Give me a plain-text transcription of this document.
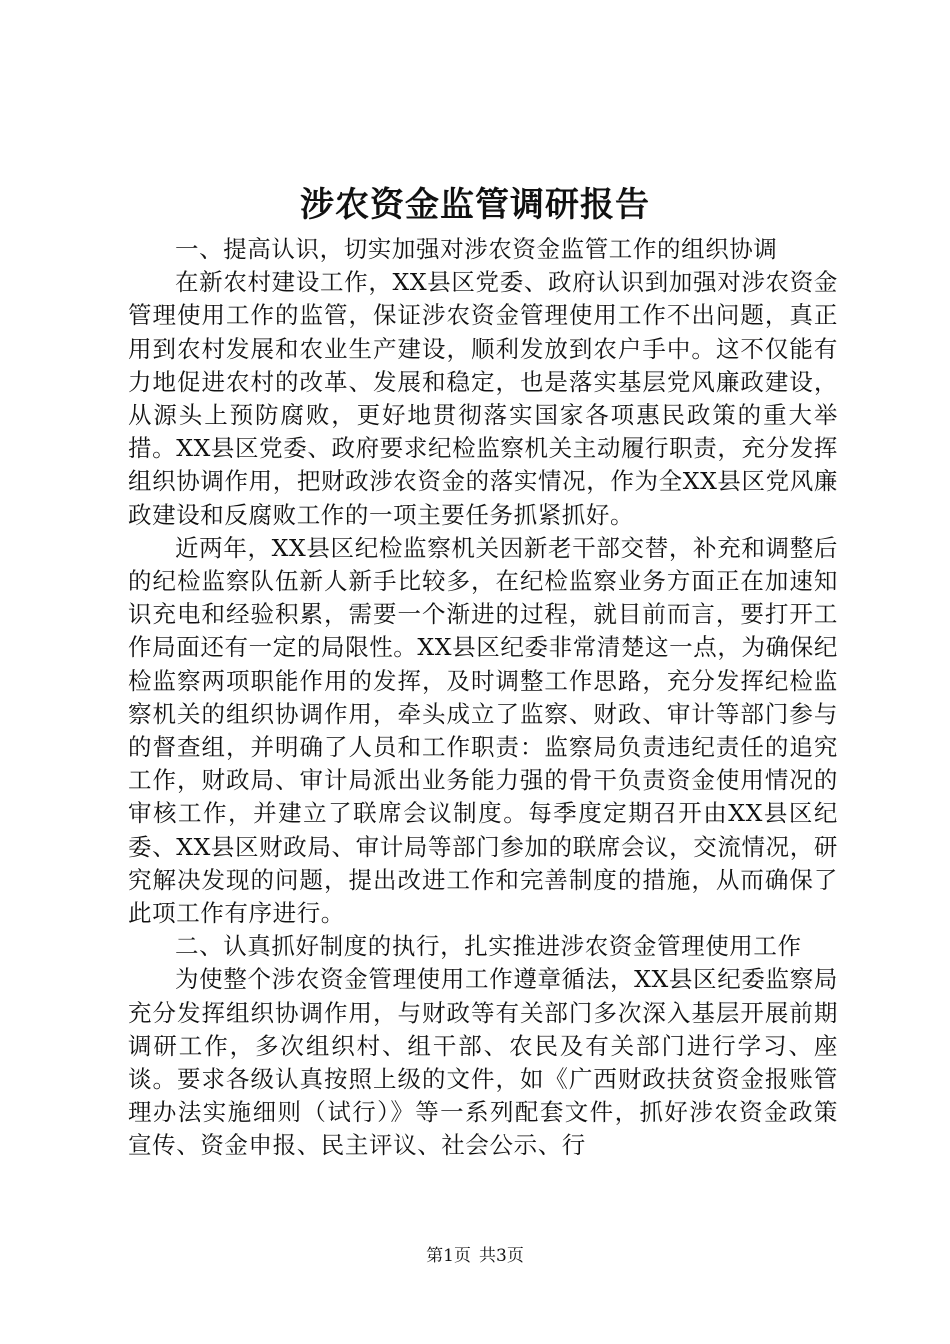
涉农资金监管调研报告

一、提高认识，切实加强对涉农资金监管工作的组织协调

在新农村建设工作，XX县区党委、政府认识到加强对涉农资金管理使用工作的监管，保证涉农资金管理使用工作不出问题，真正用到农村发展和农业生产建设，顺利发放到农户手中。这不仅能有力地促进农村的改革、发展和稳定，也是落实基层党风廉政建设，从源头上预防腐败，更好地贯彻落实国家各项惠民政策的重大举措。XX县区党委、政府要求纪检监察机关主动履行职责，充分发挥组织协调作用，把财政涉农资金的落实情况，作为全XX县区党风廉政建设和反腐败工作的一项主要任务抓紧抓好。

近两年，XX县区纪检监察机关因新老干部交替，补充和调整后的纪检监察队伍新人新手比较多，在纪检监察业务方面正在加速知识充电和经验积累，需要一个渐进的过程，就目前而言，要打开工作局面还有一定的局限性。XX县区纪委非常清楚这一点，为确保纪检监察两项职能作用的发挥，及时调整工作思路，充分发挥纪检监察机关的组织协调作用，牵头成立了监察、财政、审计等部门参与的督查组，并明确了人员和工作职责：监察局负责违纪责任的追究工作，财政局、审计局派出业务能力强的骨干负责资金使用情况的审核工作，并建立了联席会议制度。每季度定期召开由XX县区纪委、XX县区财政局、审计局等部门参加的联席会议，交流情况，研究解决发现的问题，提出改进工作和完善制度的措施，从而确保了此项工作有序进行。

二、认真抓好制度的执行，扎实推进涉农资金管理使用工作

为使整个涉农资金管理使用工作遵章循法，XX县区纪委监察局充分发挥组织协调作用，与财政等有关部门多次深入基层开展前期调研工作，多次组织村、组干部、农民及有关部门进行学习、座谈。要求各级认真按照上级的文件，如《广西财政扶贫资金报账管理办法实施细则（试行）》等一系列配套文件，抓好涉农资金政策宣传、资金申报、民主评议、社会公示、行

第1页 共3页
